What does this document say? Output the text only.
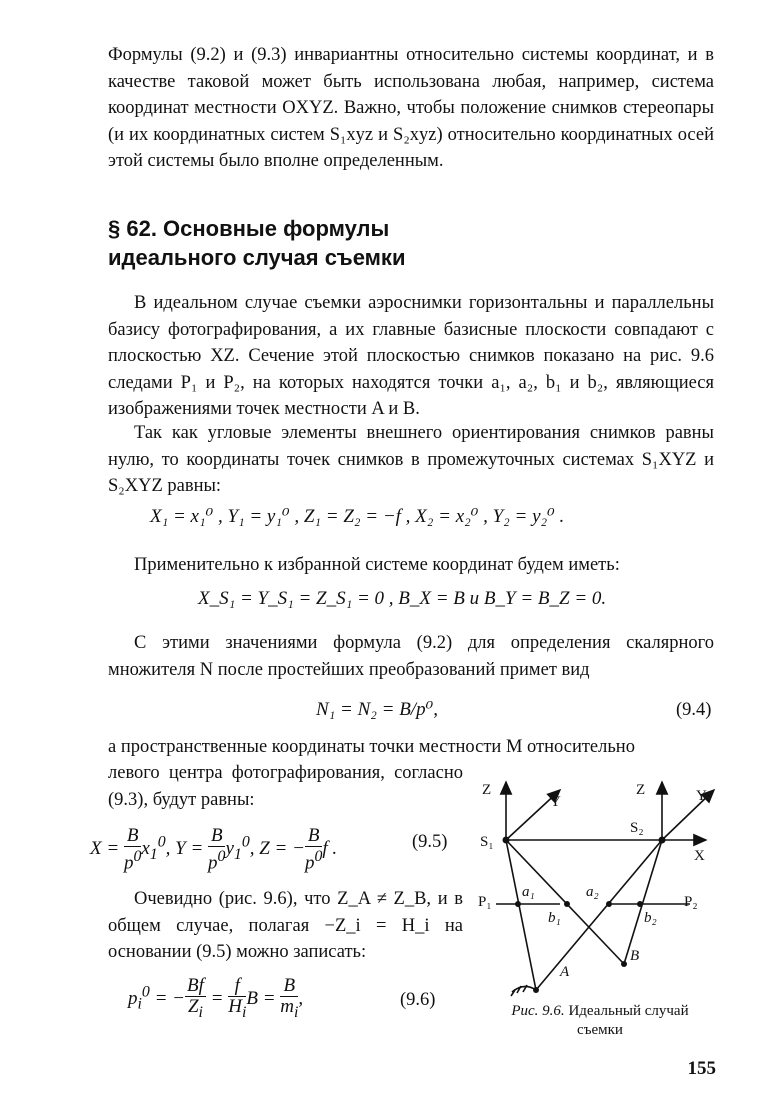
Формулы (9.2) и (9.3) инвариантны относительно системы координат, и в качестве таковой может быть использована любая, например, система координат местности OXYZ. Важно, чтобы положение снимков стереопары (и их координатных систем S₁xyz и S₂xyz) относительно координатных осей этой системы было вполне определенным.

§ 62. Основные формулы
идеального случая съемки

В идеальном случае съемки аэроснимки горизонтальны и параллельны базису фотографирования, а их главные базисные плоскости совпадают с плоскостью XZ. Сечение этой плоскостью снимков показано на рис. 9.6 следами P₁ и P₂, на которых находятся точки a₁, a₂, b₁ и b₂, являющиеся изображениями точек местности A и B.

Так как угловые элементы внешнего ориентирования снимков равны нулю, то координаты точек снимков в промежуточных системах S₁XYZ и S₂XYZ равны:

X₁ = x₁⁰ , Y₁ = y₁⁰ , Z₁ = Z₂ = −f , X₂ = x₂⁰ , Y₂ = y₂⁰ .

Применительно к избранной системе координат будем иметь:

X_S₁ = Y_S₁ = Z_S₁ = 0 , B_X = B и B_Y = B_Z = 0.

С этими значениями формула (9.2) для определения скалярного множителя N после простейших преобразований примет вид

N₁ = N₂ = B/p⁰,	(9.4)

а пространственные координаты точки местности M относительно

левого центра фотографирования, согласно (9.3), будут равны:

$X = \frac{B}{p^0} x_1^0$, $Y = \frac{B}{p^0} y_1^0$, Z = − $\frac{B}{p^0}$ f .	(9.5)

Очевидно (рис. 9.6), что Z_A ≠ Z_B, и в общем случае, полагая −Z_i = H_i на основании (9.5) можно записать:

$p_i^0$ = − $\frac{Bf}{Z_i} = \frac{f}{H_i}$ $B = \frac{B}{m_i}$ ,	(9.6)
Z
Y
Z	Y
S₁
S₂
X
P₁	P₂
a₁	a₂
b₁	b₂
A
B
Рис. 9.6. Идеальный случай
съемки
155
